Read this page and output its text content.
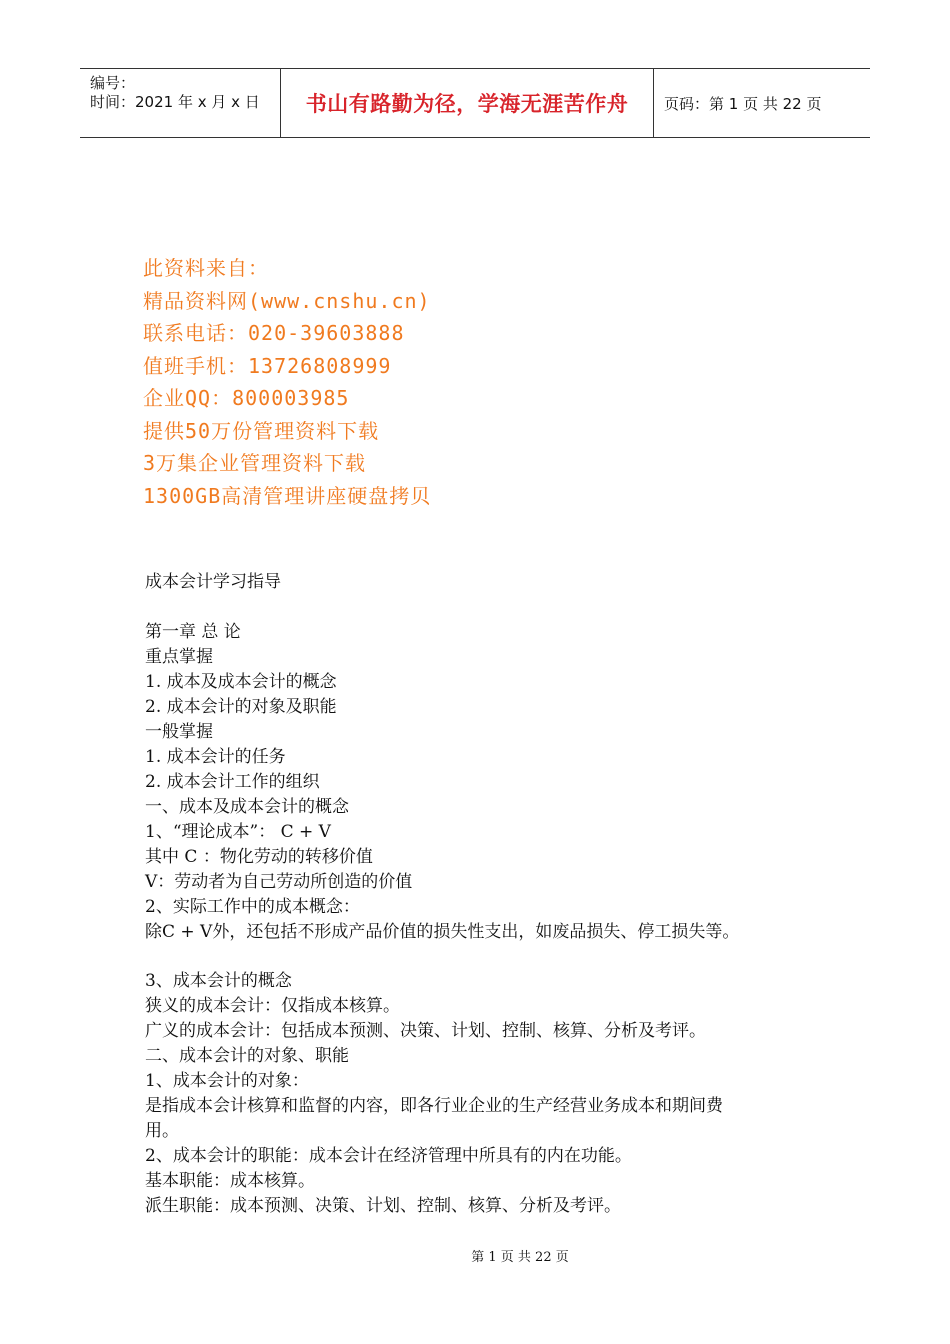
编号：
时间：2021 年 x 月 x 日 书山有路勤为径，学海无涯苦作舟 页码：第 1 页 共 22 页
此资料来自：
精品资料网(www.cnshu.cn)
联系电话：020-39603888
值班手机：13726808999
企业QQ：800003985
提供50万份管理资料下载
3万集企业管理资料下载
1300GB高清管理讲座硬盘拷贝
成本会计学习指导
第一章 总 论
重点掌握
1. 成本及成本会计的概念
2. 成本会计的对象及职能
一般掌握
1. 成本会计的任务
2. 成本会计工作的组织
一、成本及成本会计的概念
1、“理论成本”： C + V
其中 C ：物化劳动的转移价值
V：劳动者为自己劳动所创造的价值
2、实际工作中的成本概念：
除C + V外，还包括不形成产品价值的损失性支出，如废品损失、停工损失等。
3、成本会计的概念
狭义的成本会计：仅指成本核算。
广义的成本会计：包括成本预测、决策、计划、控制、核算、分析及考评。
二、成本会计的对象、职能
1、成本会计的对象：
是指成本会计核算和监督的内容，即各行业企业的生产经营业务成本和期间费
用。
2、成本会计的职能：成本会计在经济管理中所具有的内在功能。
基本职能：成本核算。
派生职能：成本预测、决策、计划、控制、核算、分析及考评。
第 1 页 共 22 页
